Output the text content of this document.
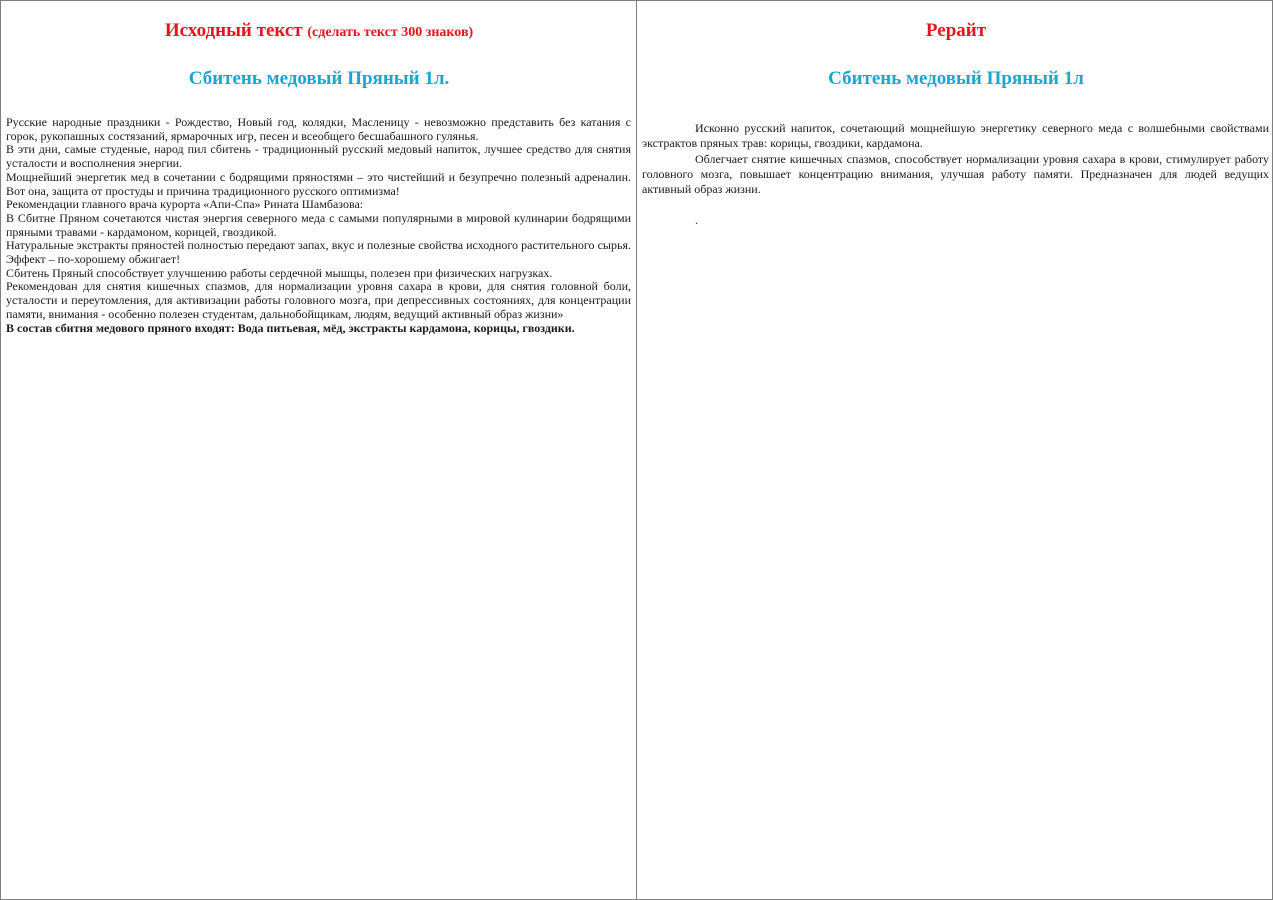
Исходный текст (сделать текст 300 знаков)
Сбитень медовый Пряный 1л.

Русские народные праздники - Рождество, Новый год, колядки, Масленицу - невозможно представить без катания с горок, рукопашных состязаний, ярмарочных игр, песен и всеобщего бесшабашного гулянья.

В эти дни, самые студеные, народ пил сбитень - традиционный русский медовый напиток, лучшее средство для снятия усталости и восполнения энергии.

Мощнейший энергетик мед в сочетании с бодрящими пряностями – это чистейший и безупречно полезный адреналин. Вот она, защита от простуды и причина традиционного русского оптимизма!

Рекомендации главного врача курорта «Апи-Спа» Рината Шамбазова:

В Сбитне Пряном сочетаются чистая энергия северного меда с самыми популярными в мировой кулинарии бодрящими пряными травами - кардамоном, корицей, гвоздикой.

Натуральные экстракты пряностей полностью передают запах, вкус и полезные свойства исходного растительного сырья. Эффект – по-хорошему обжигает!

Сбитень Пряный способствует улучшению работы сердечной мышцы, полезен при физических нагрузках.

Рекомендован для снятия кишечных спазмов, для нормализации уровня сахара в крови, для снятия головной боли, усталости и переутомления, для активизации работы головного мозга, при депрессивных состояниях, для концентрации памяти, внимания - особенно полезен студентам, дальнобойщикам, людям, ведущий активный образ жизни»

В состав сбитня медового пряного входят: Вода питьевая, мёд, экстракты кардамона, корицы, гвоздики.

Рерайт
Сбитень медовый Пряный 1л

Исконно русский напиток, сочетающий мощнейшую энергетику северного меда с волшебными свойствами экстрактов пряных трав: корицы, гвоздики, кардамона.

Облегчает снятие кишечных спазмов, способствует нормализации уровня сахара в крови, стимулирует работу головного мозга, повышает концентрацию внимания, улучшая работу памяти. Предназначен для людей ведущих активный образ жизни.

.
